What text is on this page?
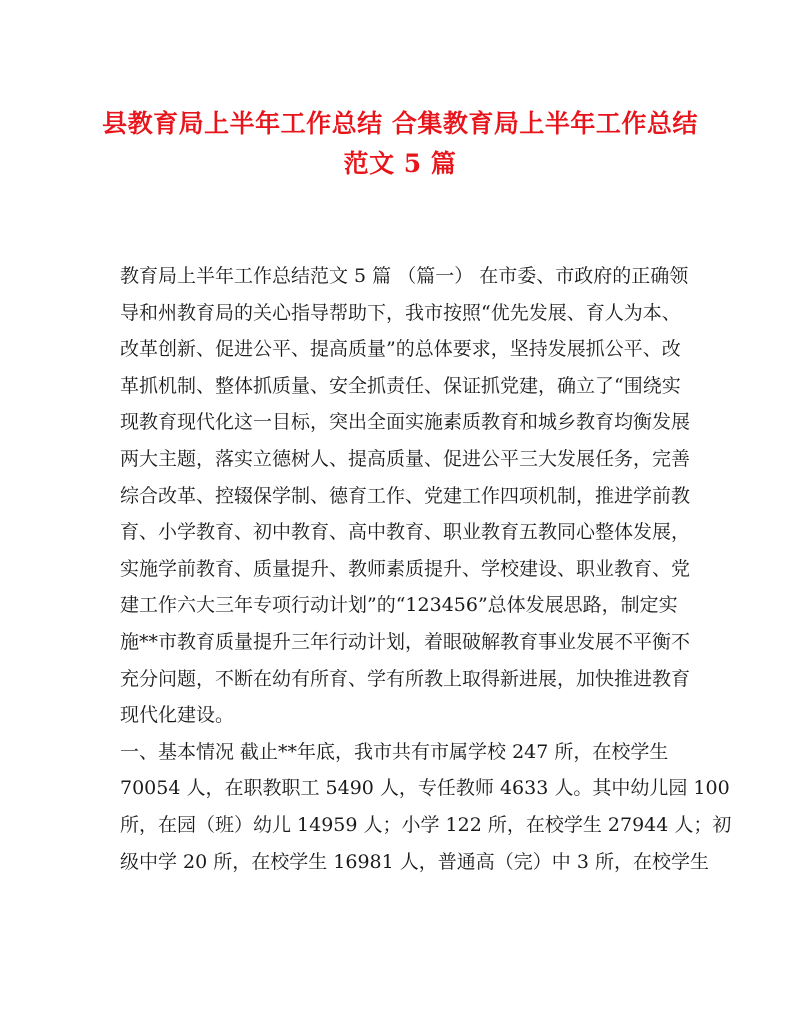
县教育局上半年工作总结 合集教育局上半年工作总结
范文 5 篇
教育局上半年工作总结范文 5 篇 （篇一） 在市委、市政府的正确领
导和州教育局的关心指导帮助下，我市按照“优先发展、育人为本、
改革创新、促进公平、提高质量”的总体要求，坚持发展抓公平、改
革抓机制、整体抓质量、安全抓责任、保证抓党建，确立了“围绕实
现教育现代化这一目标，突出全面实施素质教育和城乡教育均衡发展
两大主题，落实立德树人、提高质量、促进公平三大发展任务，完善
综合改革、控辍保学制、德育工作、党建工作四项机制，推进学前教
育、小学教育、初中教育、高中教育、职业教育五教同心整体发展，
实施学前教育、质量提升、教师素质提升、学校建设、职业教育、党
建工作六大三年专项行动计划”的“123456”总体发展思路，制定实
施**市教育质量提升三年行动计划，着眼破解教育事业发展不平衡不
充分问题，不断在幼有所育、学有所教上取得新进展，加快推进教育
现代化建设。
一、基本情况 截止**年底，我市共有市属学校 247 所，在校学生
70054 人，在职教职工 5490 人，专任教师 4633 人。其中幼儿园 100
所，在园（班）幼儿 14959 人；小学 122 所，在校学生 27944 人；初
级中学 20 所，在校学生 16981 人，普通高（完）中 3 所，在校学生
